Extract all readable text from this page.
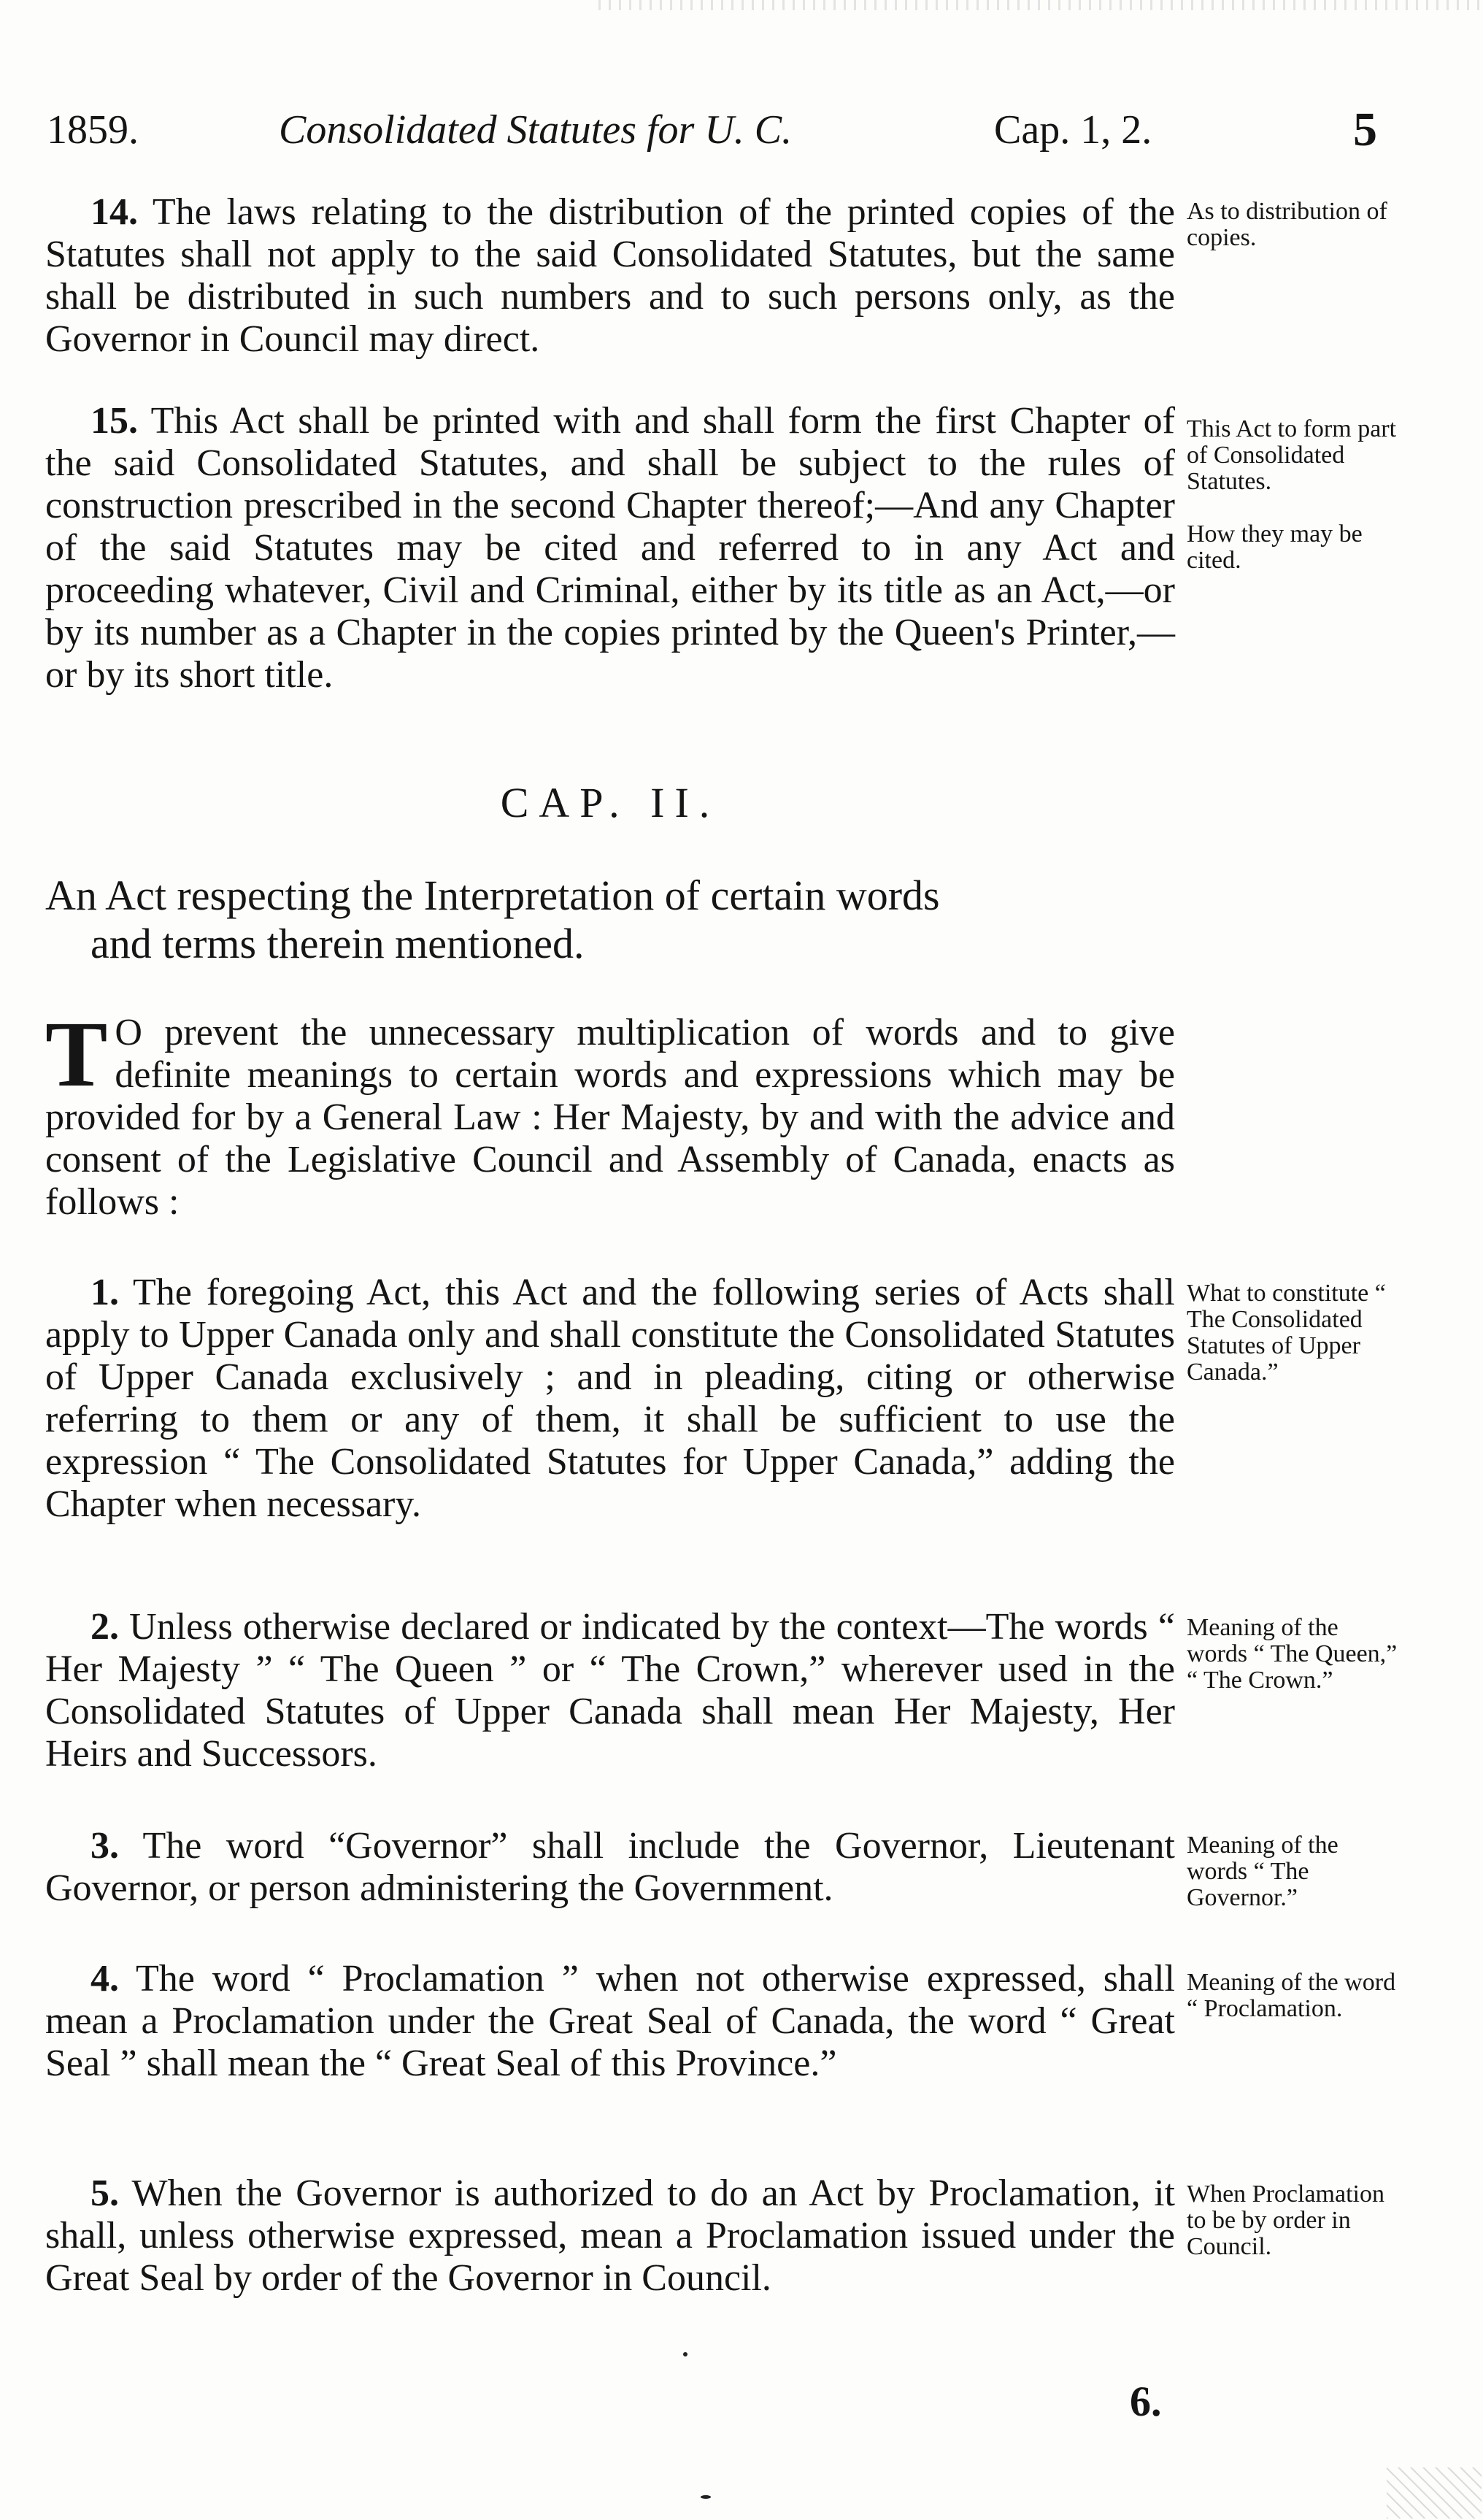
1859.	Consolidated Statutes for U. C.	Cap. 1, 2.	5

14. The laws relating to the distribution of the printed copies of the Statutes shall not apply to the said Consolidated Statutes, but the same shall be distributed in such numbers and to such persons only, as the Governor in Council may direct.

As to distribution of copies.

15. This Act shall be printed with and shall form the first Chapter of the said Consolidated Statutes, and shall be subject to the rules of construction prescribed in the second Chapter thereof;—And any Chapter of the said Statutes may be cited and referred to in any Act and proceeding whatever, Civil and Criminal, either by its title as an Act,—or by its number as a Chapter in the copies printed by the Queen's Printer,—or by its short title.

This Act to form part of Consolidated Statutes.
How they may be cited.
CAP. II.
An Act respecting the Interpretation of certain words
and terms therein mentioned.
T O prevent the unnecessary multiplication of words and to give definite meanings to certain words and expressions which may be provided for by a General Law : Her Majesty, by and with the advice and consent of the Legislative Council and Assembly of Canada, enacts as follows :

1. The foregoing Act, this Act and the following series of Acts shall apply to Upper Canada only and shall constitute the Consolidated Statutes of Upper Canada exclusively ; and in pleading, citing or otherwise referring to them or any of them, it shall be sufficient to use the expression “ The Consolidated Statutes for Upper Canada,” adding the Chapter when necessary.

What to constitute “ The Consolidated Statutes of Upper Canada.”

2. Unless otherwise declared or indicated by the context—The words “ Her Majesty ” “ The Queen ” or “ The Crown,” wherever used in the Consolidated Statutes of Upper Canada shall mean Her Majesty, Her Heirs and Successors.

Meaning of the words “ The Queen,” “ The Crown.”

3. The word “Governor” shall include the Governor, Lieutenant Governor, or person administering the Government.

Meaning of the words “ The Governor.”

4. The word “ Proclamation ” when not otherwise expressed, shall mean a Proclamation under the Great Seal of Canada, the word “ Great Seal ” shall mean the “ Great Seal of this Province.”

Meaning of the word “ Proclamation.

5. When the Governor is authorized to do an Act by Proclamation, it shall, unless otherwise expressed, mean a Proclamation issued under the Great Seal by order of the Governor in Council.

When Proclamation to be by order in Council.
6.
